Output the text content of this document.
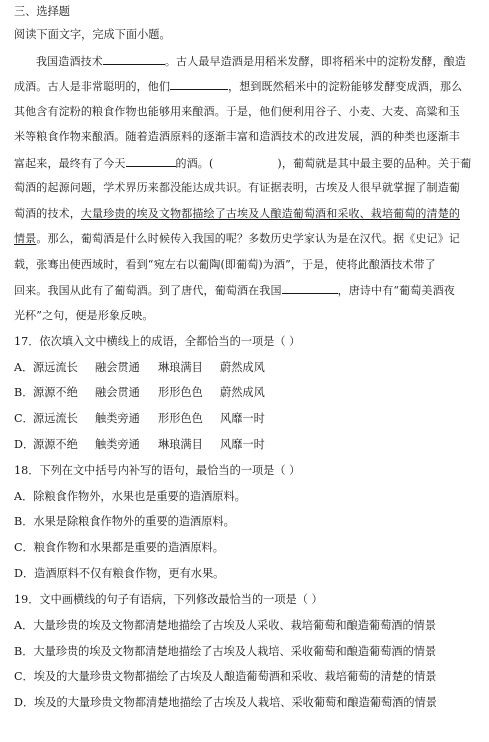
三、选择题
阅读下面文字，完成下面小题。
我国造酒技术	。古人最早造酒是用稻米发酵，即将稻米中的淀粉发酵，酿造
成酒。古人是非常聪明的，他们	，想到既然稻米中的淀粉能够发酵变成酒，那么
其他含有淀粉的粮食作物也能够用来酿酒。于是，他们便利用谷子、小麦、大麦、高粱和玉
米等粮食作物来酿酒。随着造酒原料的逐渐丰富和造酒技术的改进发展，酒的种类也逐渐丰
富起来，最终有了今天	的酒。(	)，葡萄就是其中最主要的品种。关于葡
萄酒的起源问题，学术界历来都没能达成共识。有证据表明，古埃及人很早就掌握了制造葡
萄酒的技术，大量珍贵的埃及文物都描绘了古埃及人酿造葡萄酒和采收、栽培葡萄的清楚的
情景。那么，葡萄酒是什么时候传入我国的呢？多数历史学家认为是在汉代。据《史记》记
载，张骞出使西域时，看到“宛左右以葡陶(即葡萄)为酒”，于是，使将此酿酒技术带了
回来。我国从此有了葡萄酒。到了唐代，葡萄酒在我国	，唐诗中有“葡萄美酒夜
光杯”之句，便是形象反映。
17．依次填入文中横线上的成语，全都恰当的一项是（ ）
A． 源远流长 融会贯通 琳琅满目 蔚然成风
B． 源源不绝 融会贯通 形形色色 蔚然成风
C． 源远流长 触类旁通 形形色色 风靡一时
D．
源源不绝 触类旁通 琳琅满目 风靡一时
18．下列在文中括号内补写的语句，最恰当的一项是（ ）
A．除粮食作物外，水果也是重要的造酒原料。
B．水果是除粮食作物外的重要的造酒原料。
C．粮食作物和水果都是重要的造酒原料。
D．造酒原料不仅有粮食作物，更有水果。
19．文中画横线的句子有语病，下列修改最恰当的一项是（ ）
A．大量珍贵的埃及文物都清楚地描绘了古埃及人采收、栽培葡萄和酿造葡萄酒的情景
B．大量珍贵的埃及文物都清楚地描绘了古埃及人栽培、采收葡萄和酿造葡萄酒的情景
C．埃及的大量珍贵文物都描绘了古埃及人酿造葡萄酒和采收、栽培葡萄的清楚的情景
D．埃及的大量珍贵文物都清楚地描绘了古埃及人栽培、采收葡萄和酿造葡萄酒的情景
